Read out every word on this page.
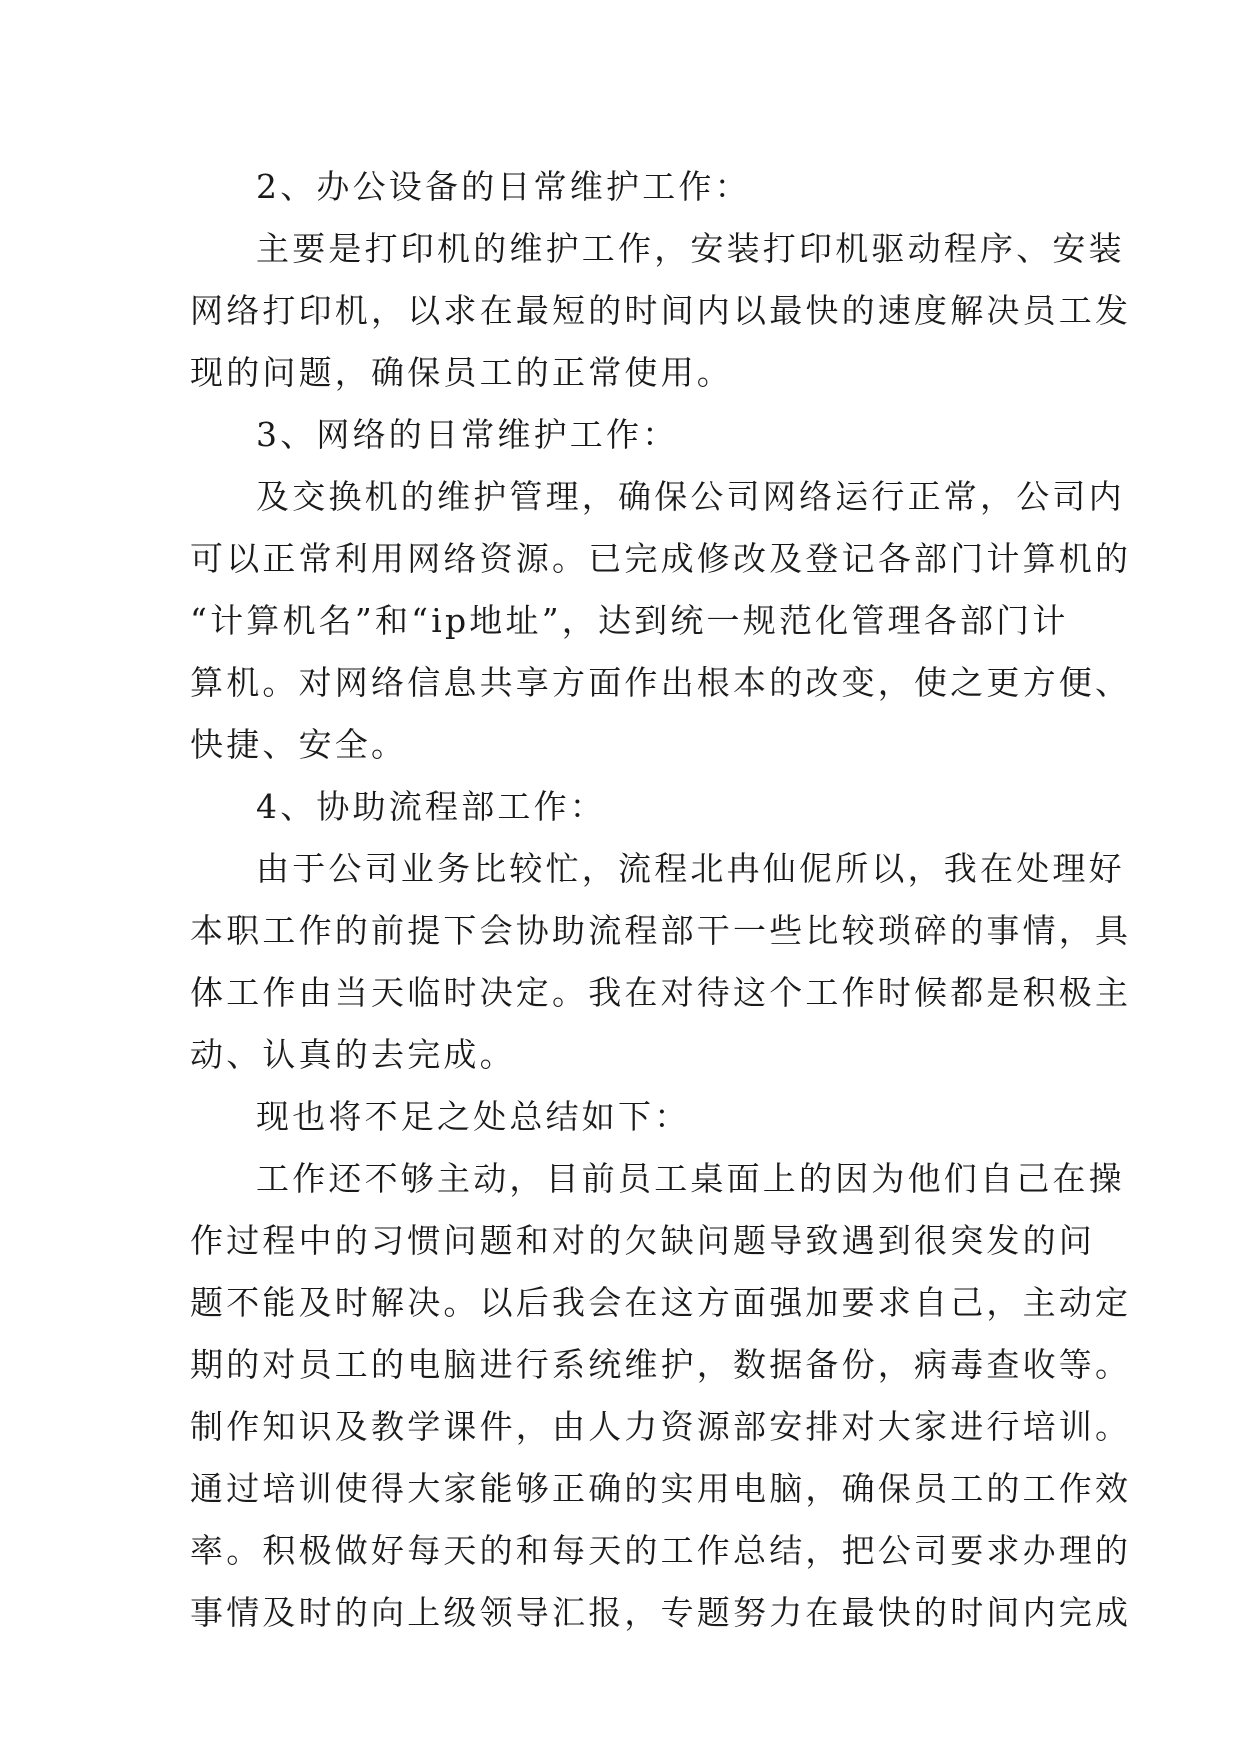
2、办公设备的日常维护工作：
主要是打印机的维护工作，安装打印机驱动程序、安装
网络打印机，以求在最短的时间内以最快的速度解决员工发
现的问题，确保员工的正常使用。
3、网络的日常维护工作：
及交换机的维护管理，确保公司网络运行正常，公司内
可以正常利用网络资源。已完成修改及登记各部门计算机的
“计算机名”和“ip地址”，达到统一规范化管理各部门计
算机。对网络信息共享方面作出根本的改变，使之更方便、
快捷、安全。
4、协助流程部工作：
由于公司业务比较忙，流程北冉仙伲所以，我在处理好
本职工作的前提下会协助流程部干一些比较琐碎的事情，具
体工作由当天临时决定。我在对待这个工作时候都是积极主
动、认真的去完成。
现也将不足之处总结如下：
工作还不够主动，目前员工桌面上的因为他们自己在操
作过程中的习惯问题和对的欠缺问题导致遇到很突发的问
题不能及时解决。以后我会在这方面强加要求自己，主动定
期的对员工的电脑进行系统维护，数据备份，病毒查收等。
制作知识及教学课件，由人力资源部安排对大家进行培训。
通过培训使得大家能够正确的实用电脑，确保员工的工作效
率。积极做好每天的和每天的工作总结，把公司要求办理的
事情及时的向上级领导汇报，专题努力在最快的时间内完成
